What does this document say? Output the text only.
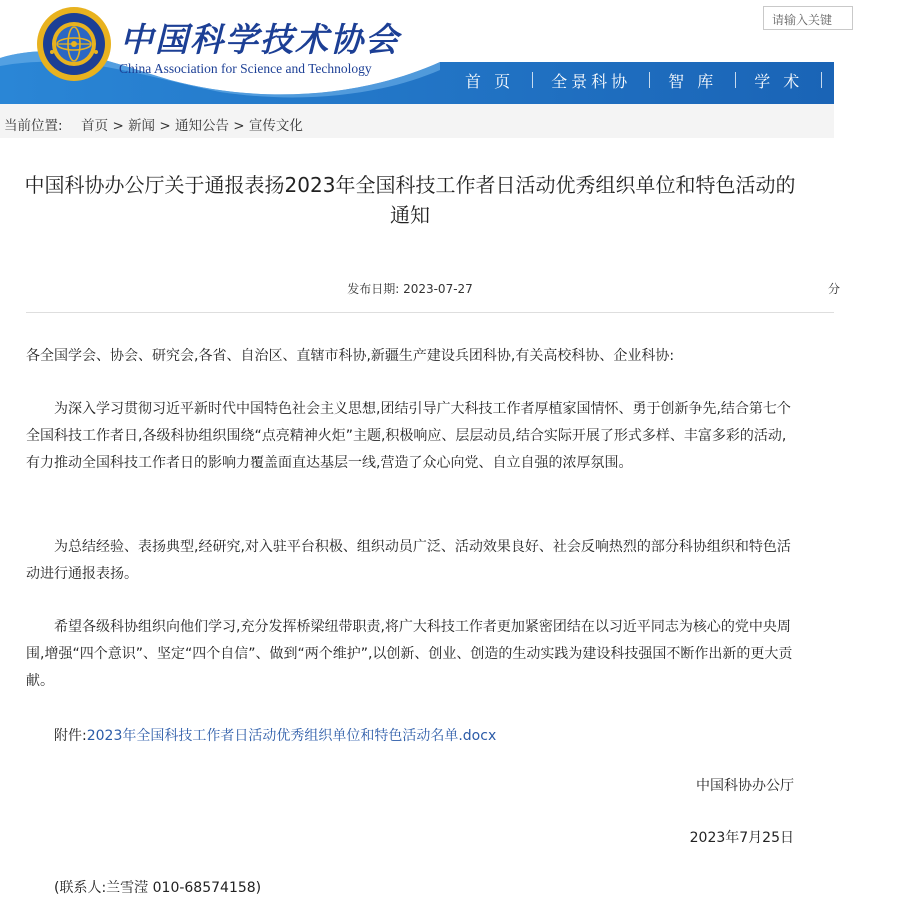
中国科学技术协会
China Association for Science and Technology
请输入关键
首 页	全景科协	智 库	学 术	科 普
当前位置: 首页 > 新闻 > 通知公告 > 宣传文化
中国科协办公厅关于通报表扬2023年全国科技工作者日活动优秀组织单位和特色活动的通知
发布日期: 2023-07-27	分

各全国学会、协会、研究会,各省、自治区、直辖市科协,新疆生产建设兵团科协,有关高校科协、企业科协:

为深入学习贯彻习近平新时代中国特色社会主义思想,团结引导广大科技工作者厚植家国情怀、勇于创新争先,结合第七个全国科技工作者日,各级科协组织围绕“点亮精神火炬”主题,积极响应、层层动员,结合实际开展了形式多样、丰富多彩的活动,有力推动全国科技工作者日的影响力覆盖面直达基层一线,营造了众心向党、自立自强的浓厚氛围。

为总结经验、表扬典型,经研究,对入驻平台积极、组织动员广泛、活动效果良好、社会反响热烈的部分科协组织和特色活动进行通报表扬。

希望各级科协组织向他们学习,充分发挥桥梁纽带职责,将广大科技工作者更加紧密团结在以习近平同志为核心的党中央周围,增强“四个意识”、坚定“四个自信”、做到“两个维护”,以创新、创业、创造的生动实践为建设科技强国不断作出新的更大贡献。

附件:2023年全国科技工作者日活动优秀组织单位和特色活动名单.docx
中国科协办公厅
2023年7月25日
(联系人:兰雪滢 010-68574158)
